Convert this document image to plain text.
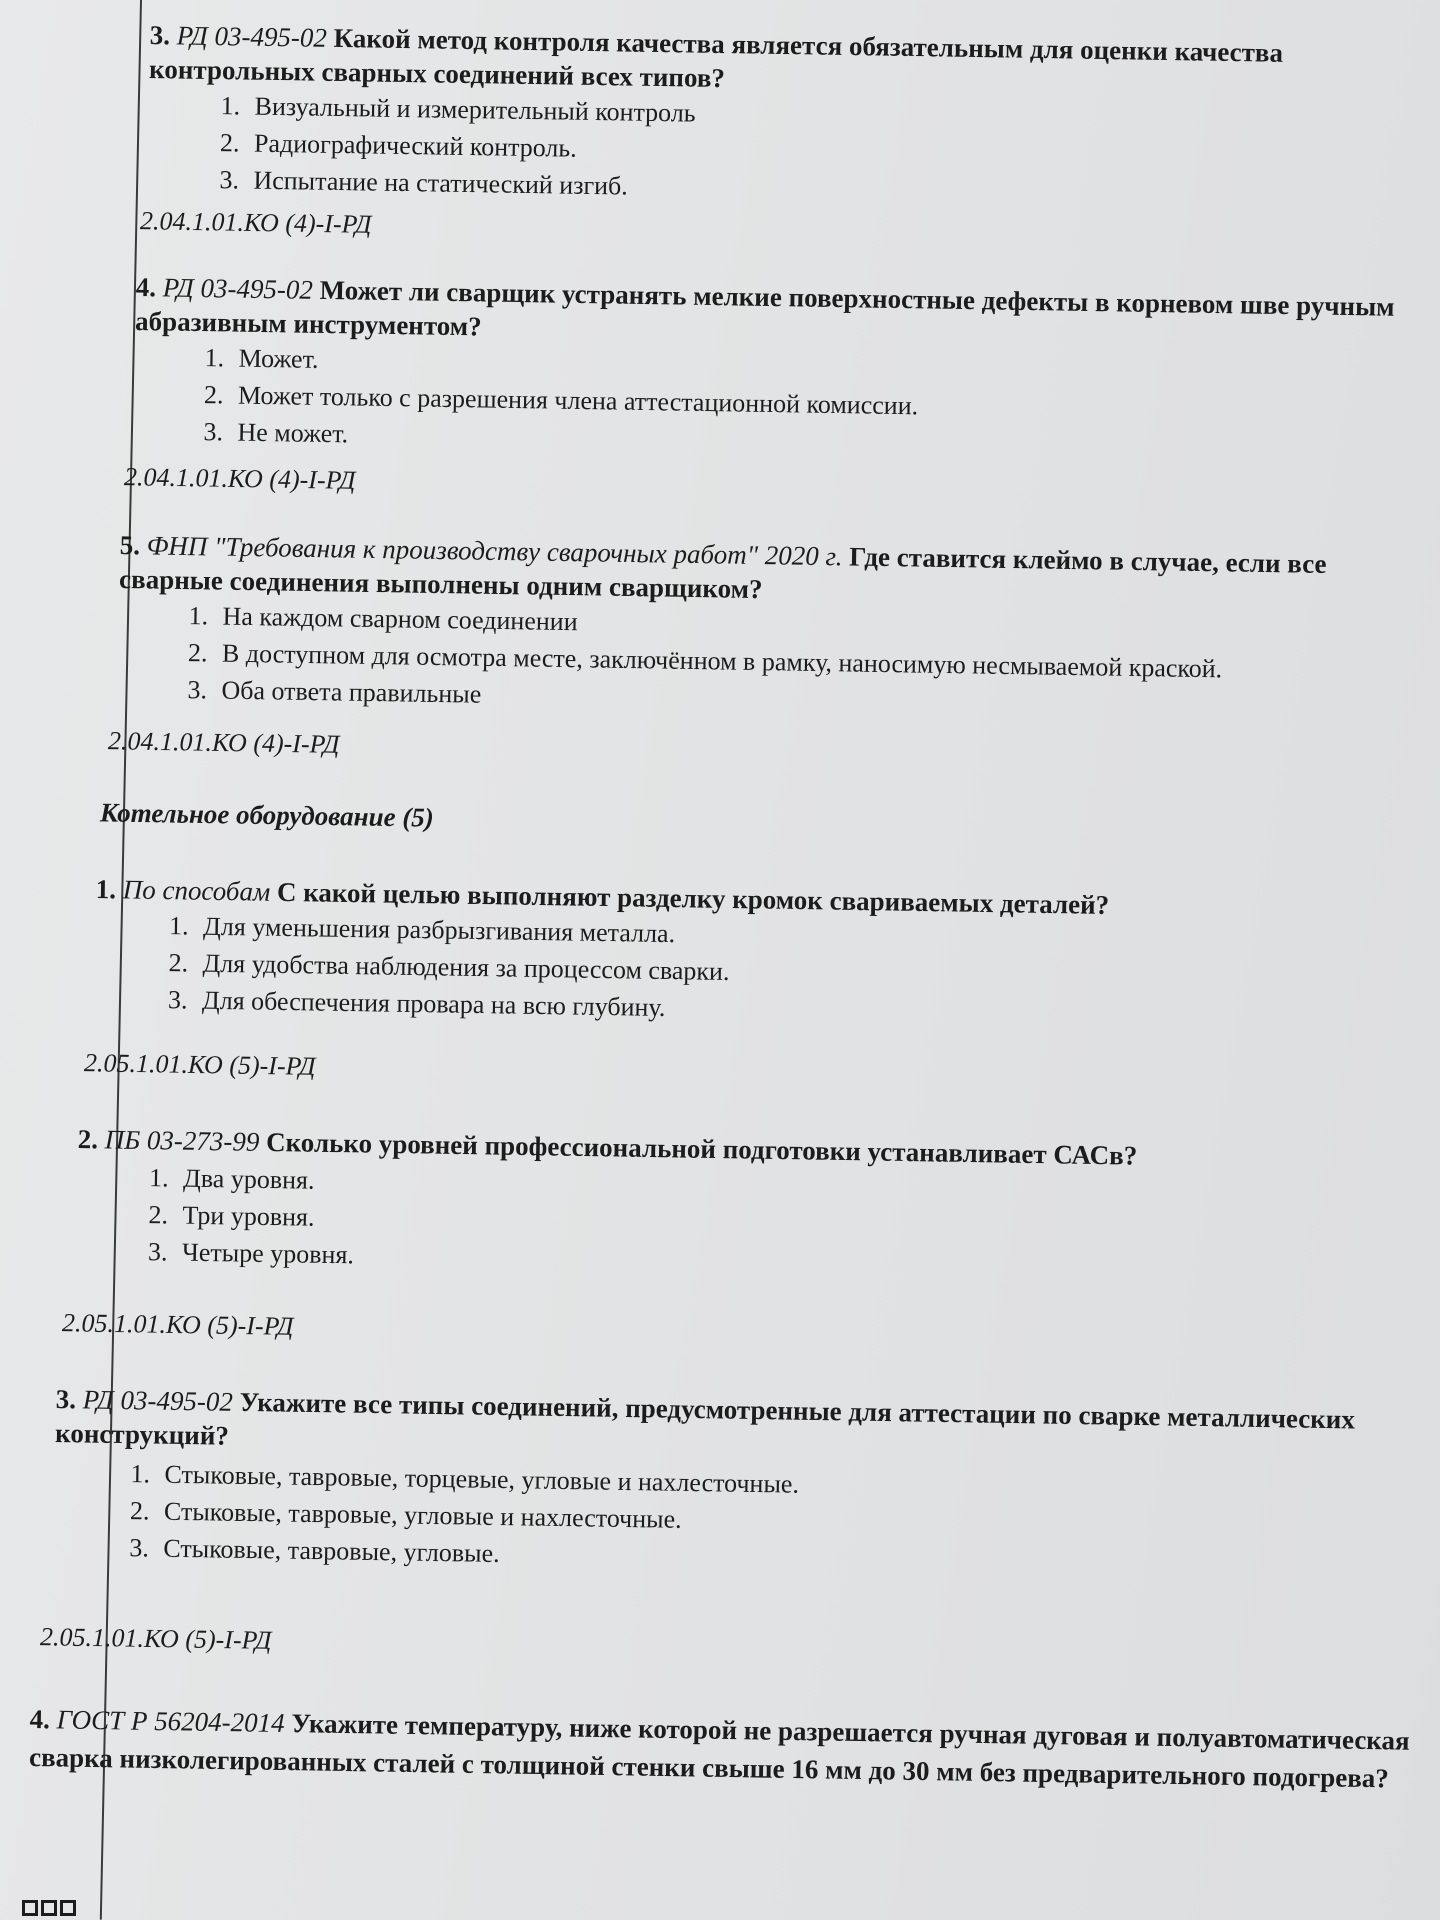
3. РД 03-495-02 Какой метод контроля качества является обязательным для оценки качества контрольных сварных соединений всех типов?
1. Визуальный и измерительный контроль
2. Радиографический контроль.
3. Испытание на статический изгиб.
2.04.1.01.КО (4)-I-РД
4. РД 03-495-02 Может ли сварщик устранять мелкие поверхностные дефекты в корневом шве ручным абразивным инструментом?
1. Может.
2. Может только с разрешения члена аттестационной комиссии.
3. Не может.
2.04.1.01.КО (4)-I-РД
5. ФНП "Требования к производству сварочных работ" 2020 г. Где ставится клеймо в случае, если все сварные соединения выполнены одним сварщиком?
1. На каждом сварном соединении
2. В доступном для осмотра месте, заключённом в рамку, наносимую несмываемой краской.
3. Оба ответа правильные
2.04.1.01.КО (4)-I-РД
Котельное оборудование (5)
1. По способам С какой целью выполняют разделку кромок свариваемых деталей?
1. Для уменьшения разбрызгивания металла.
2. Для удобства наблюдения за процессом сварки.
3. Для обеспечения провара на всю глубину.
2.05.1.01.КО (5)-I-РД
2. ПБ 03-273-99 Сколько уровней профессиональной подготовки устанавливает САСв?
1. Два уровня.
2. Три уровня.
3. Четыре уровня.
2.05.1.01.КО (5)-I-РД
3. РД 03-495-02 Укажите все типы соединений, предусмотренные для аттестации по сварке металлических конструкций?
1. Стыковые, тавровые, торцевые, угловые и нахлесточные.
2. Стыковые, тавровые, угловые и нахлесточные.
3. Стыковые, тавровые, угловые.
2.05.1.01.КО (5)-I-РД
4. ГОСТ Р 56204-2014 Укажите температуру, ниже которой не разрешается ручная дуговая и полуавтоматическая сварка низколегированных сталей с толщиной стенки свыше 16 мм до 30 мм без предварительного подогрева?
